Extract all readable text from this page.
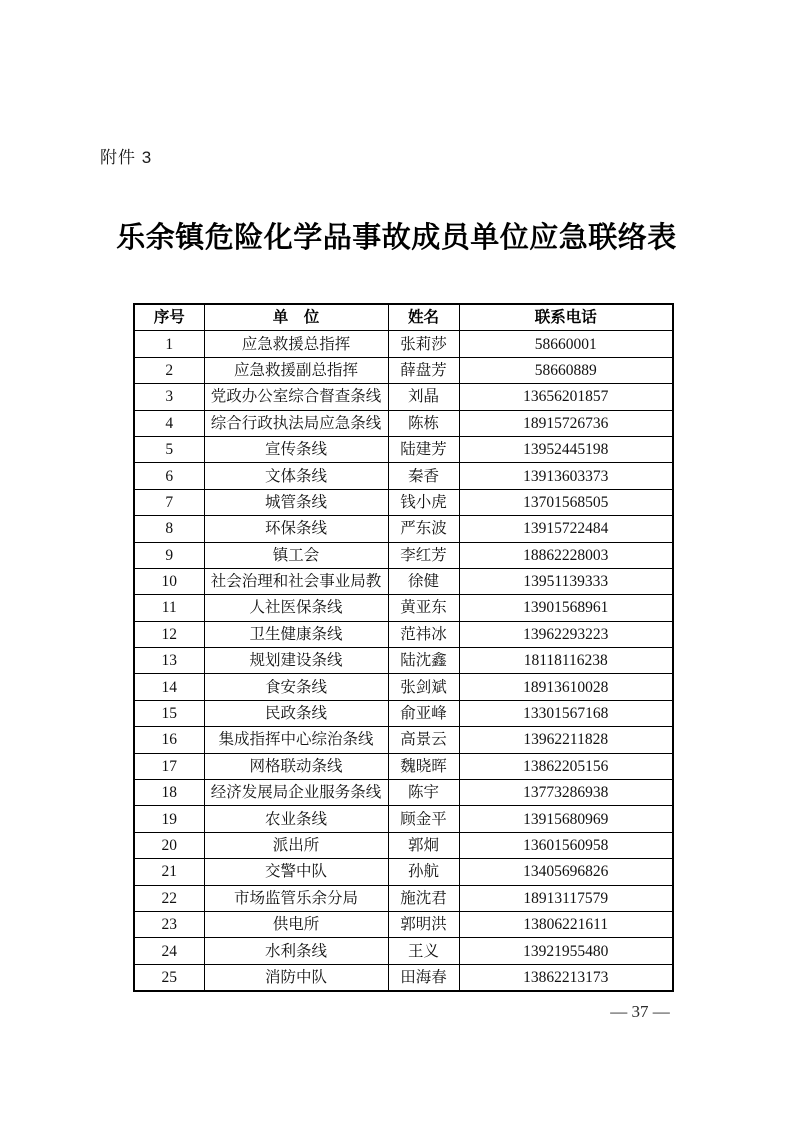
附件 3
乐余镇危险化学品事故成员单位应急联络表
序号	单　位	姓名	联系电话
1	应急救援总指挥	张莉莎	58660001
2	应急救援副总指挥	薛盘芳	58660889
3	党政办公室综合督查条线	刘晶	13656201857
4	综合行政执法局应急条线	陈栋	18915726736
5	宣传条线	陆建芳	13952445198
6	文体条线	秦香	13913603373
7	城管条线	钱小虎	13701568505
8	环保条线	严东波	13915722484
9	镇工会	李红芳	18862228003
10	社会治理和社会事业局教	徐健	13951139333
11	人社医保条线	黄亚东	13901568961
12	卫生健康条线	范祎冰	13962293223
13	规划建设条线	陆沈鑫	18118116238
14	食安条线	张剑斌	18913610028
15	民政条线	俞亚峰	13301567168
16	集成指挥中心综治条线	高景云	13962211828
17	网格联动条线	魏晓晖	13862205156
18	经济发展局企业服务条线	陈宇	13773286938
19	农业条线	顾金平	13915680969
20	派出所	郭炯	13601560958
21	交警中队	孙航	13405696826
22	市场监管乐余分局	施沈君	18913117579
23	供电所	郭明洪	13806221611
24	水利条线	王义	13921955480
25	消防中队	田海春	13862213173
— 37 —
